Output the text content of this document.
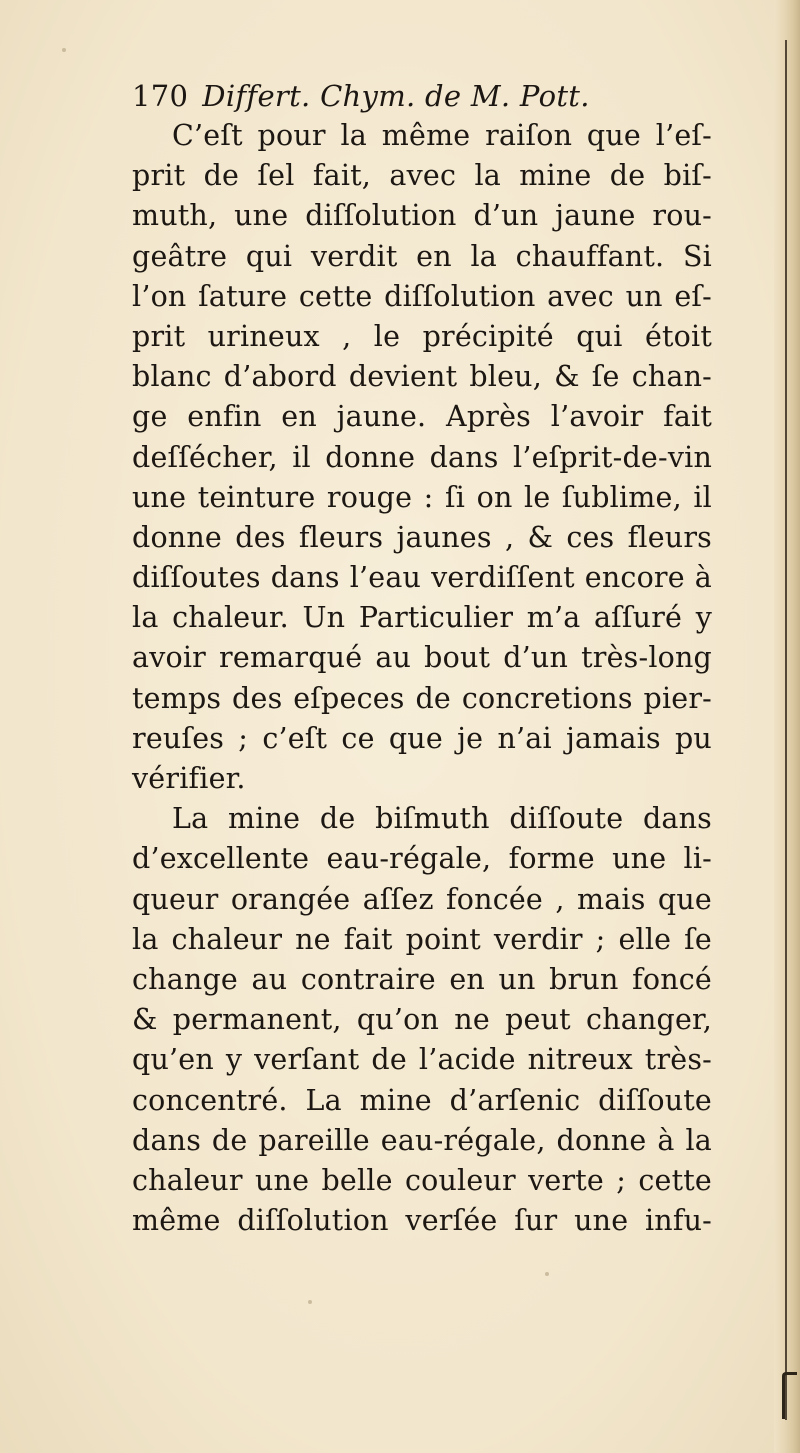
170 Differt. Chym. de M. Pott.
C’eſt pour la même raiſon que l’eſ-
prit de ſel fait, avec la mine de biſ-
muth, une diſſolution d’un jaune rou-
geâtre qui verdit en la chauffant. Si
l’on ſature cette diſſolution avec un eſ-
prit urineux , le précipité qui étoit
blanc d’abord devient bleu, & ſe chan-
ge enfin en jaune. Après l’avoir fait
deſſécher, il donne dans l’eſprit-de-vin
une teinture rouge : ſi on le ſublime, il
donne des fleurs jaunes , & ces fleurs
diſſoutes dans l’eau verdiſſent encore à
la chaleur. Un Particulier m’a aſſuré y
avoir remarqué au bout d’un très-long
temps des eſpeces de concretions pier-
reuſes ; c’eſt ce que je n’ai jamais pu
vérifier.
La mine de biſmuth diſſoute dans
d’excellente eau-régale, forme une li-
queur orangée aſſez foncée , mais que
la chaleur ne fait point verdir ; elle ſe
change au contraire en un brun foncé
& permanent, qu’on ne peut changer,
qu’en y verſant de l’acide nitreux très-
concentré. La mine d’arſenic diſſoute
dans de pareille eau-régale, donne à la
chaleur une belle couleur verte ; cette
même diſſolution verſée ſur une infu-
